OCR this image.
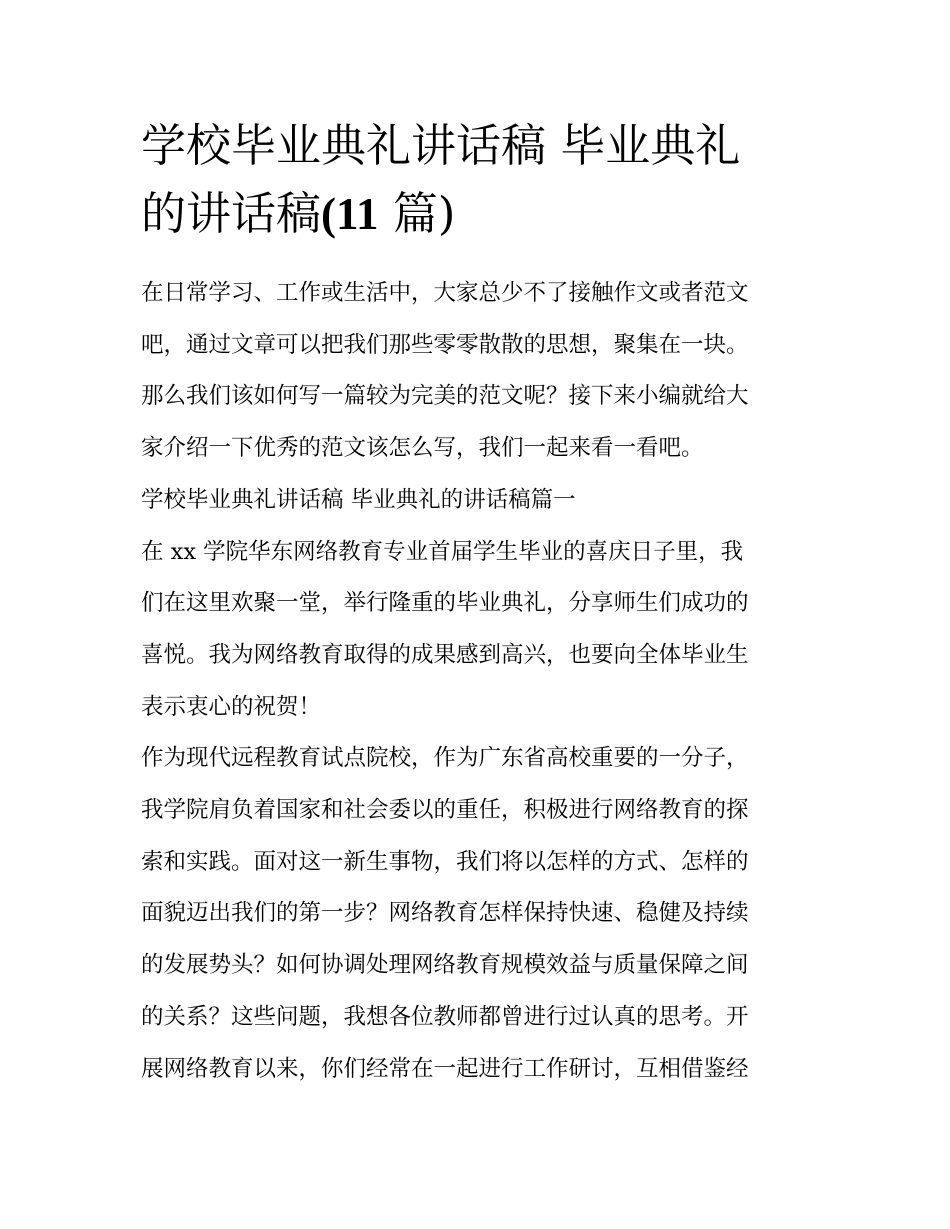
学校毕业典礼讲话稿 毕业典礼
的讲话稿(11 篇)

在日常学习、工作或生活中，大家总少不了接触作文或者范文

吧，通过文章可以把我们那些零零散散的思想，聚集在一块。

那么我们该如何写一篇较为完美的范文呢？接下来小编就给大

家介绍一下优秀的范文该怎么写，我们一起来看一看吧。

学校毕业典礼讲话稿 毕业典礼的讲话稿篇一

在 xx 学院华东网络教育专业首届学生毕业的喜庆日子里，我

们在这里欢聚一堂，举行隆重的毕业典礼，分享师生们成功的

喜悦。我为网络教育取得的成果感到高兴，也要向全体毕业生

表示衷心的祝贺！

作为现代远程教育试点院校，作为广东省高校重要的一分子，

我学院肩负着国家和社会委以的重任，积极进行网络教育的探

索和实践。面对这一新生事物，我们将以怎样的方式、怎样的

面貌迈出我们的第一步？网络教育怎样保持快速、稳健及持续

的发展势头？如何协调处理网络教育规模效益与质量保障之间

的关系？这些问题，我想各位教师都曾进行过认真的思考。开

展网络教育以来，你们经常在一起进行工作研讨，互相借鉴经
